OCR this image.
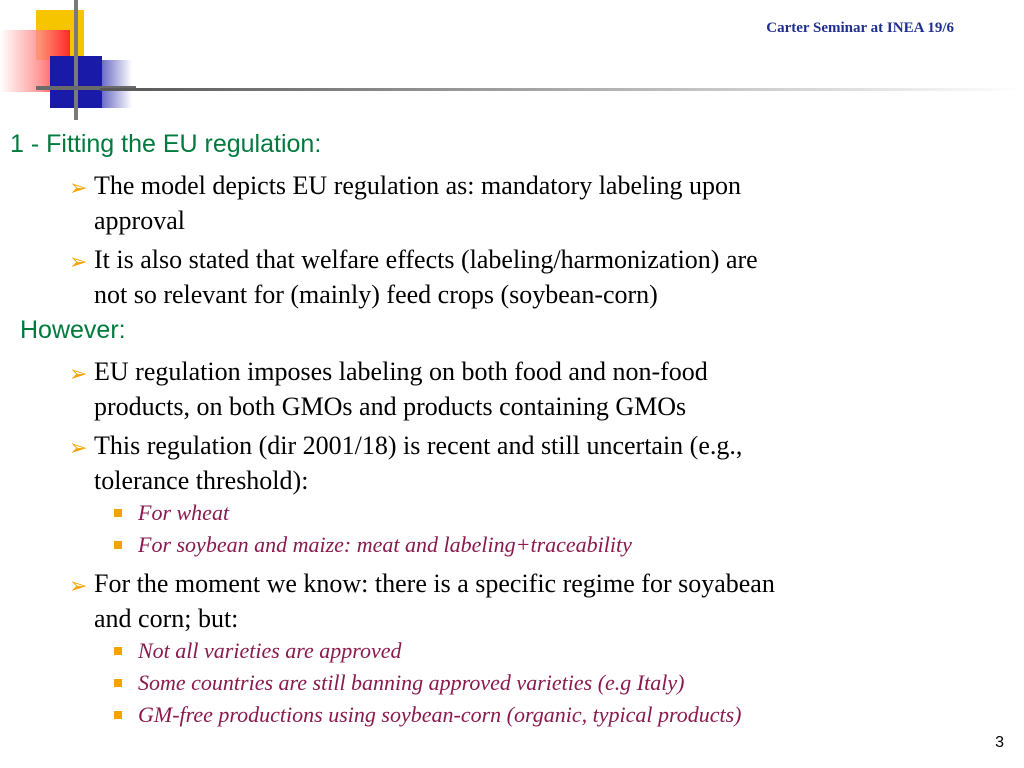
Carter Seminar at INEA 19/6
1 - Fitting the EU regulation:
➢ The model depicts EU regulation as: mandatory labeling upon
approval
➢ It is also stated that welfare effects (labeling/harmonization) are
not so relevant for (mainly) feed crops (soybean-corn)
However:
➢ EU regulation imposes labeling on both food and non-food
products, on both GMOs and products containing GMOs
➢ This regulation (dir 2001/18) is recent and still uncertain (e.g.,
tolerance threshold):
For wheat
For soybean and maize: meat and labeling+traceability
➢ For the moment we know: there is a specific regime for soyabean
and corn; but:
Not all varieties are approved
Some countries are still banning approved varieties (e.g Italy)
GM-free productions using soybean-corn (organic, typical products)
3
